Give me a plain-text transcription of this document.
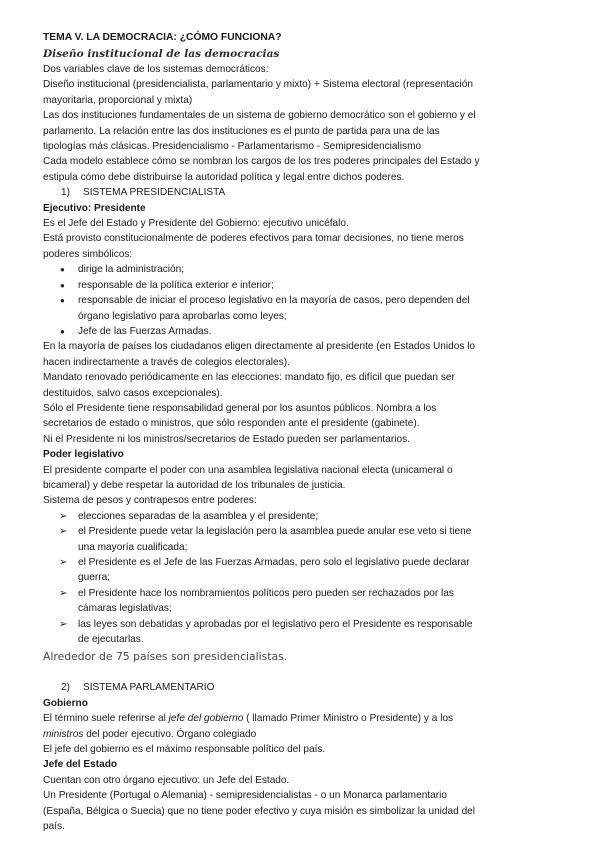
TEMA V. LA DEMOCRACIA: ¿CÓMO FUNCIONA?
Diseño institucional de las democracias

Dos variables clave de los sistemas democráticos:

Diseño institucional (presidencialista, parlamentario y mixto) + Sistema electoral (representación

mayoritaria, proporcional y mixta)

Las dos instituciones fundamentales de un sistema de gobierno democrático son el gobierno y el

parlamento. La relación entre las dos instituciones es el punto de partida para una de las

tipologías más clásicas. Presidencialismo - Parlamentarismo - Semipresidencialismo

Cada modelo establece cómo se nombran los cargos de los tres poderes principales del Estado y

estipula cómo debe distribuirse la autoridad política y legal entre dichos poderes.

1) SISTEMA PRESIDENCIALISTA

Ejecutivo: Presidente

Es el Jefe del Estado y Presidente del Gobierno: ejecutivo unicéfalo.

Está provisto constitucionalmente de poderes efectivos para tomar decisiones, no tiene meros

poderes simbólicos:

● dirige la administración;

● responsable de la política exterior e interior;

● responsable de iniciar el proceso legislativo en la mayoría de casos, pero dependen del

órgano legislativo para aprobarlas como leyes;

● Jefe de las Fuerzas Armadas.

En la mayoría de países los ciudadanos eligen directamente al presidente (en Estados Unidos lo

hacen indirectamente a través de colegios electorales).

Mandato renovado periódicamente en las elecciones: mandato fijo, es difícil que puedan ser

destituidos, salvo casos excepcionales).

Sólo el Presidente tiene responsabilidad general por los asuntos públicos. Nombra a los

secretarios de estado o ministros, que sólo responden ante el presidente (gabinete).

Ni el Presidente ni los ministros/secretarios de Estado pueden ser parlamentarios.

Poder legislativo

El presidente comparte el poder con una asamblea legislativa nacional electa (unicameral o

bicameral) y debe respetar la autoridad de los tribunales de justicia.

Sistema de pesos y contrapesos entre poderes:

➢ elecciones separadas de la asamblea y el presidente;

➢ el Presidente puede vetar la legislación pero la asamblea puede anular ese veto si tiene

una mayoría cualificada;

➢ el Presidente es el Jefe de las Fuerzas Armadas, pero solo el legislativo puede declarar

guerra;

➢ el Presidente hace los nombramientos políticos pero pueden ser rechazados por las

cámaras legislativas;

➢ las leyes son debatidas y aprobadas por el legislativo pero el Presidente es responsable

de ejecutarlas.

Alrededor de 75 países son presidencialistas.
2) SISTEMA PARLAMENTARIO

Gobierno

El término suele referirse al jefe del gobierno ( llamado Primer Ministro o Presidente) y a los

ministros del poder ejecutivo. Órgano colegiado

El jefe del gobierno es el máximo responsable político del país.

Jefe del Estado

Cuentan con otro órgano ejecutivo: un Jefe del Estado.

Un Presidente (Portugal o Alemania) - semipresidencialistas - o un Monarca parlamentario

(España, Bélgica o Suecia) que no tiene poder efectivo y cuya misión es simbolizar la unidad del

país.
